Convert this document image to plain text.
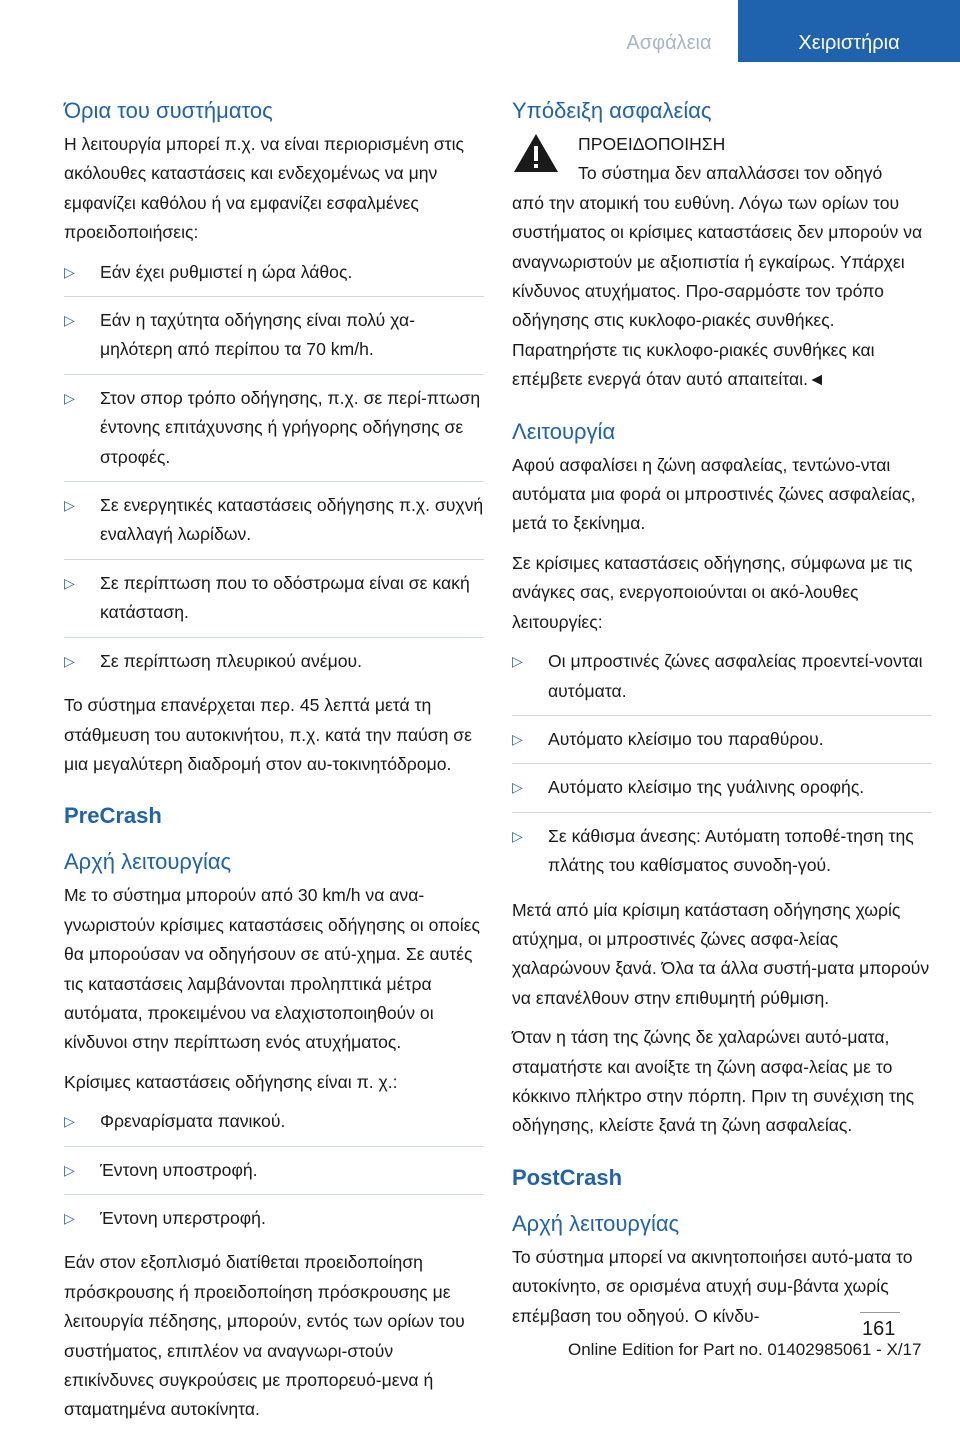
Ασφάλεια	Χειριστήρια
Όρια του συστήματος

Η λειτουργία μπορεί π.χ. να είναι περιορισμένη στις ακόλουθες καταστάσεις και ενδεχομένως να μην εμφανίζει καθόλου ή να εμφανίζει εσφαλμένες προειδοποιήσεις:

▷ Εάν έχει ρυθμιστεί η ώρα λάθος.
▷ Εάν η ταχύτητα οδήγησης είναι πολύ χα-μηλότερη από περίπου τα 70 km/h.
▷ Στον σπορ τρόπο οδήγησης, π.χ. σε περί-πτωση έντονης επιτάχυνσης ή γρήγορης οδήγησης σε στροφές.
▷ Σε ενεργητικές καταστάσεις οδήγησης π.χ. συχνή εναλλαγή λωρίδων.
▷ Σε περίπτωση που το οδόστρωμα είναι σε κακή κατάσταση.
▷ Σε περίπτωση πλευρικού ανέμου.

Το σύστημα επανέρχεται περ. 45 λεπτά μετά τη στάθμευση του αυτοκινήτου, π.χ. κατά την παύση σε μια μεγαλύτερη διαδρομή στον αυ-τοκινητόδρομο.

PreCrash
Αρχή λειτουργίας

Με το σύστημα μπορούν από 30 km/h να ανα-γνωριστούν κρίσιμες καταστάσεις οδήγησης οι οποίες θα μπορούσαν να οδηγήσουν σε ατύ-χημα. Σε αυτές τις καταστάσεις λαμβάνονται προληπτικά μέτρα αυτόματα, προκειμένου να ελαχιστοποιηθούν οι κίνδυνοι στην περίπτωση ενός ατυχήματος.

Κρίσιμες καταστάσεις οδήγησης είναι π. χ.:

▷ Φρεναρίσματα πανικού.
▷ Έντονη υποστροφή.
▷ Έντονη υπερστροφή.

Εάν στον εξοπλισμό διατίθεται προειδοποίηση πρόσκρουσης ή προειδοποίηση πρόσκρουσης με λειτουργία πέδησης, μπορούν, εντός των ορίων του συστήματος, επιπλέον να αναγνωρι-στούν επικίνδυνες συγκρούσεις με προπορευό-μενα ή σταματημένα αυτοκίνητα.

Υπόδειξη ασφαλείας
ΠΡΟΕΙΔΟΠΟΙΗΣΗ
Το σύστημα δεν απαλλάσσει τον οδηγό

από την ατομική του ευθύνη. Λόγω των ορίων του συστήματος οι κρίσιμες καταστάσεις δεν μπορούν να αναγνωριστούν με αξιοπιστία ή εγκαίρως. Υπάρχει κίνδυνος ατυχήματος. Προ-σαρμόστε τον τρόπο οδήγησης στις κυκλοφο-ριακές συνθήκες. Παρατηρήστε τις κυκλοφο-ριακές συνθήκες και επέμβετε ενεργά όταν αυτό απαιτείται.◄

Λειτουργία

Αφού ασφαλίσει η ζώνη ασφαλείας, τεντώνο-νται αυτόματα μια φορά οι μπροστινές ζώνες ασφαλείας, μετά το ξεκίνημα.

Σε κρίσιμες καταστάσεις οδήγησης, σύμφωνα με τις ανάγκες σας, ενεργοποιούνται οι ακό-λουθες λειτουργίες:

▷ Οι μπροστινές ζώνες ασφαλείας προεντεί-νονται αυτόματα.
▷ Αυτόματο κλείσιμο του παραθύρου.
▷ Αυτόματο κλείσιμο της γυάλινης οροφής.
▷ Σε κάθισμα άνεσης: Αυτόματη τοποθέ-τηση της πλάτης του καθίσματος συνοδη-γού.

Μετά από μία κρίσιμη κατάσταση οδήγησης χωρίς ατύχημα, οι μπροστινές ζώνες ασφα-λείας χαλαρώνουν ξανά. Όλα τα άλλα συστή-ματα μπορούν να επανέλθουν στην επιθυμητή ρύθμιση.

Όταν η τάση της ζώνης δε χαλαρώνει αυτό-ματα, σταματήστε και ανοίξτε τη ζώνη ασφα-λείας με το κόκκινο πλήκτρο στην πόρπη. Πριν τη συνέχιση της οδήγησης, κλείστε ξανά τη ζώνη ασφαλείας.

PostCrash
Αρχή λειτουργίας

Το σύστημα μπορεί να ακινητοποιήσει αυτό-ματα το αυτοκίνητο, σε ορισμένα ατυχή συμ-βάντα χωρίς επέμβαση του οδηγού. Ο κίνδυ-

161
Online Edition for Part no. 01402985061 - X/17
